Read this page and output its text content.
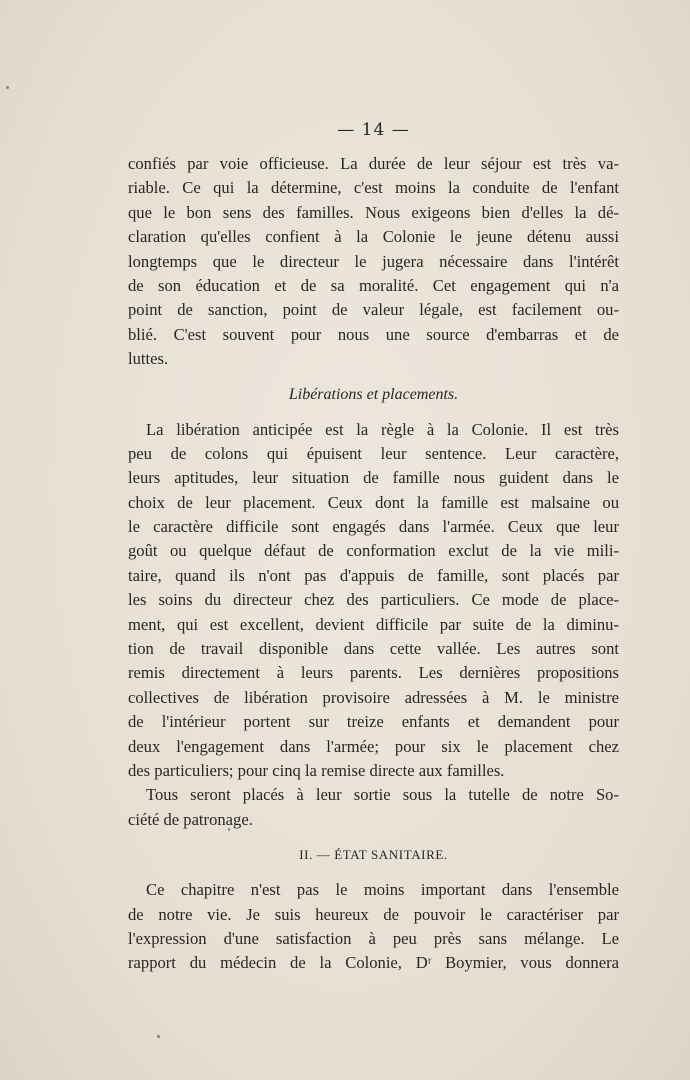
— 14 —
confiés par voie officieuse. La durée de leur séjour est très va-
riable. Ce qui la détermine, c'est moins la conduite de l'enfant
que le bon sens des familles. Nous exigeons bien d'elles la dé-
claration qu'elles confient à la Colonie le jeune détenu aussi
longtemps que le directeur le jugera nécessaire dans l'intérêt
de son éducation et de sa moralité. Cet engagement qui n'a
point de sanction, point de valeur légale, est facilement ou-
blié. C'est souvent pour nous une source d'embarras et de
luttes.
Libérations et placements.
La libération anticipée est la règle à la Colonie. Il est très
peu de colons qui épuisent leur sentence. Leur caractère,
leurs aptitudes, leur situation de famille nous guident dans le
choix de leur placement. Ceux dont la famille est malsaine ou
le caractère difficile sont engagés dans l'armée. Ceux que leur
goût ou quelque défaut de conformation exclut de la vie mili-
taire, quand ils n'ont pas d'appuis de famille, sont placés par
les soins du directeur chez des particuliers. Ce mode de place-
ment, qui est excellent, devient difficile par suite de la diminu-
tion de travail disponible dans cette vallée. Les autres sont
remis directement à leurs parents. Les dernières propositions
collectives de libération provisoire adressées à M. le ministre
de l'intérieur portent sur treize enfants et demandent pour
deux l'engagement dans l'armée; pour six le placement chez
des particuliers; pour cinq la remise directe aux familles.
Tous seront placés à leur sortie sous la tutelle de notre So-
ciété de patronage.
II. — ÉTAT SANITAIRE.
Ce chapitre n'est pas le moins important dans l'ensemble
de notre vie. Je suis heureux de pouvoir le caractériser par
l'expression d'une satisfaction à peu près sans mélange. Le
rapport du médecin de la Colonie, Dʳ Boymier, vous donnera
